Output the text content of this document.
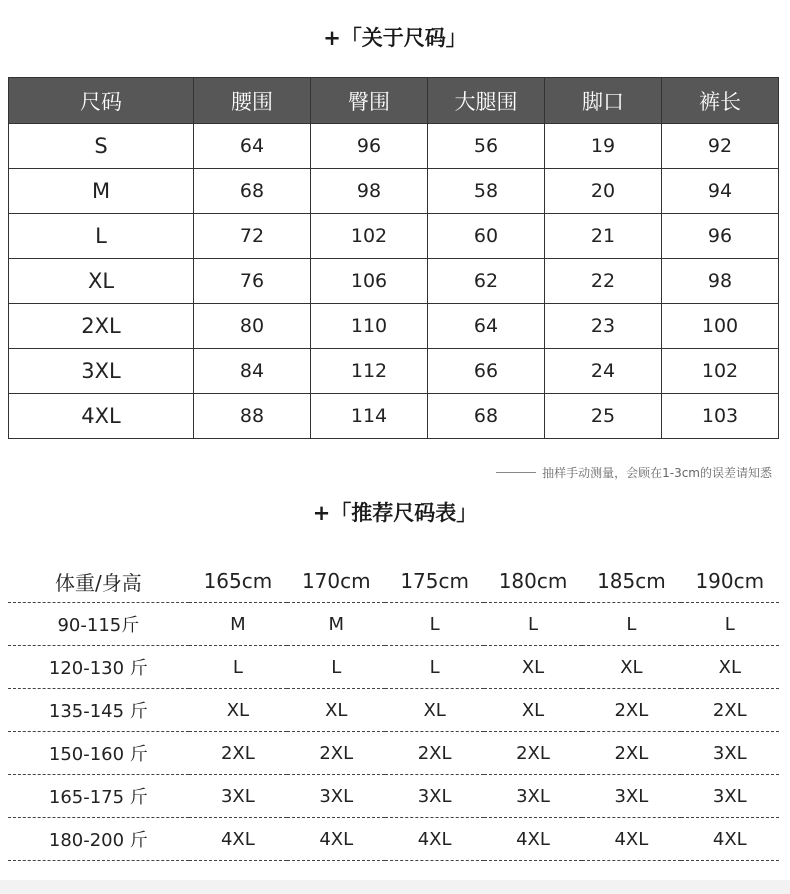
+「关于尺码」
尺码	腰围	臀围	大腿围	脚口	裤长
S	64	96	56	19	92
M	68	98	58	20	94
L	72	102	60	21	96
XL	76	106	62	22	98
2XL	80	110	64	23	100
3XL	84	112	66	24	102
4XL	88	114	68	25	103
抽样手动测量，会顾在1-3cm的误差请知悉
+「推荐尺码表」
体重/身高	165cm	170cm	175cm	180cm	185cm	190cm
90-115斤	M	M	L	L	L	L
120-130 斤	L	L	L	XL	XL	XL
135-145 斤	XL	XL	XL	XL	2XL	2XL
150-160 斤	2XL	2XL	2XL	2XL	2XL	3XL
165-175 斤	3XL	3XL	3XL	3XL	3XL	3XL
180-200 斤	4XL	4XL	4XL	4XL	4XL	4XL
